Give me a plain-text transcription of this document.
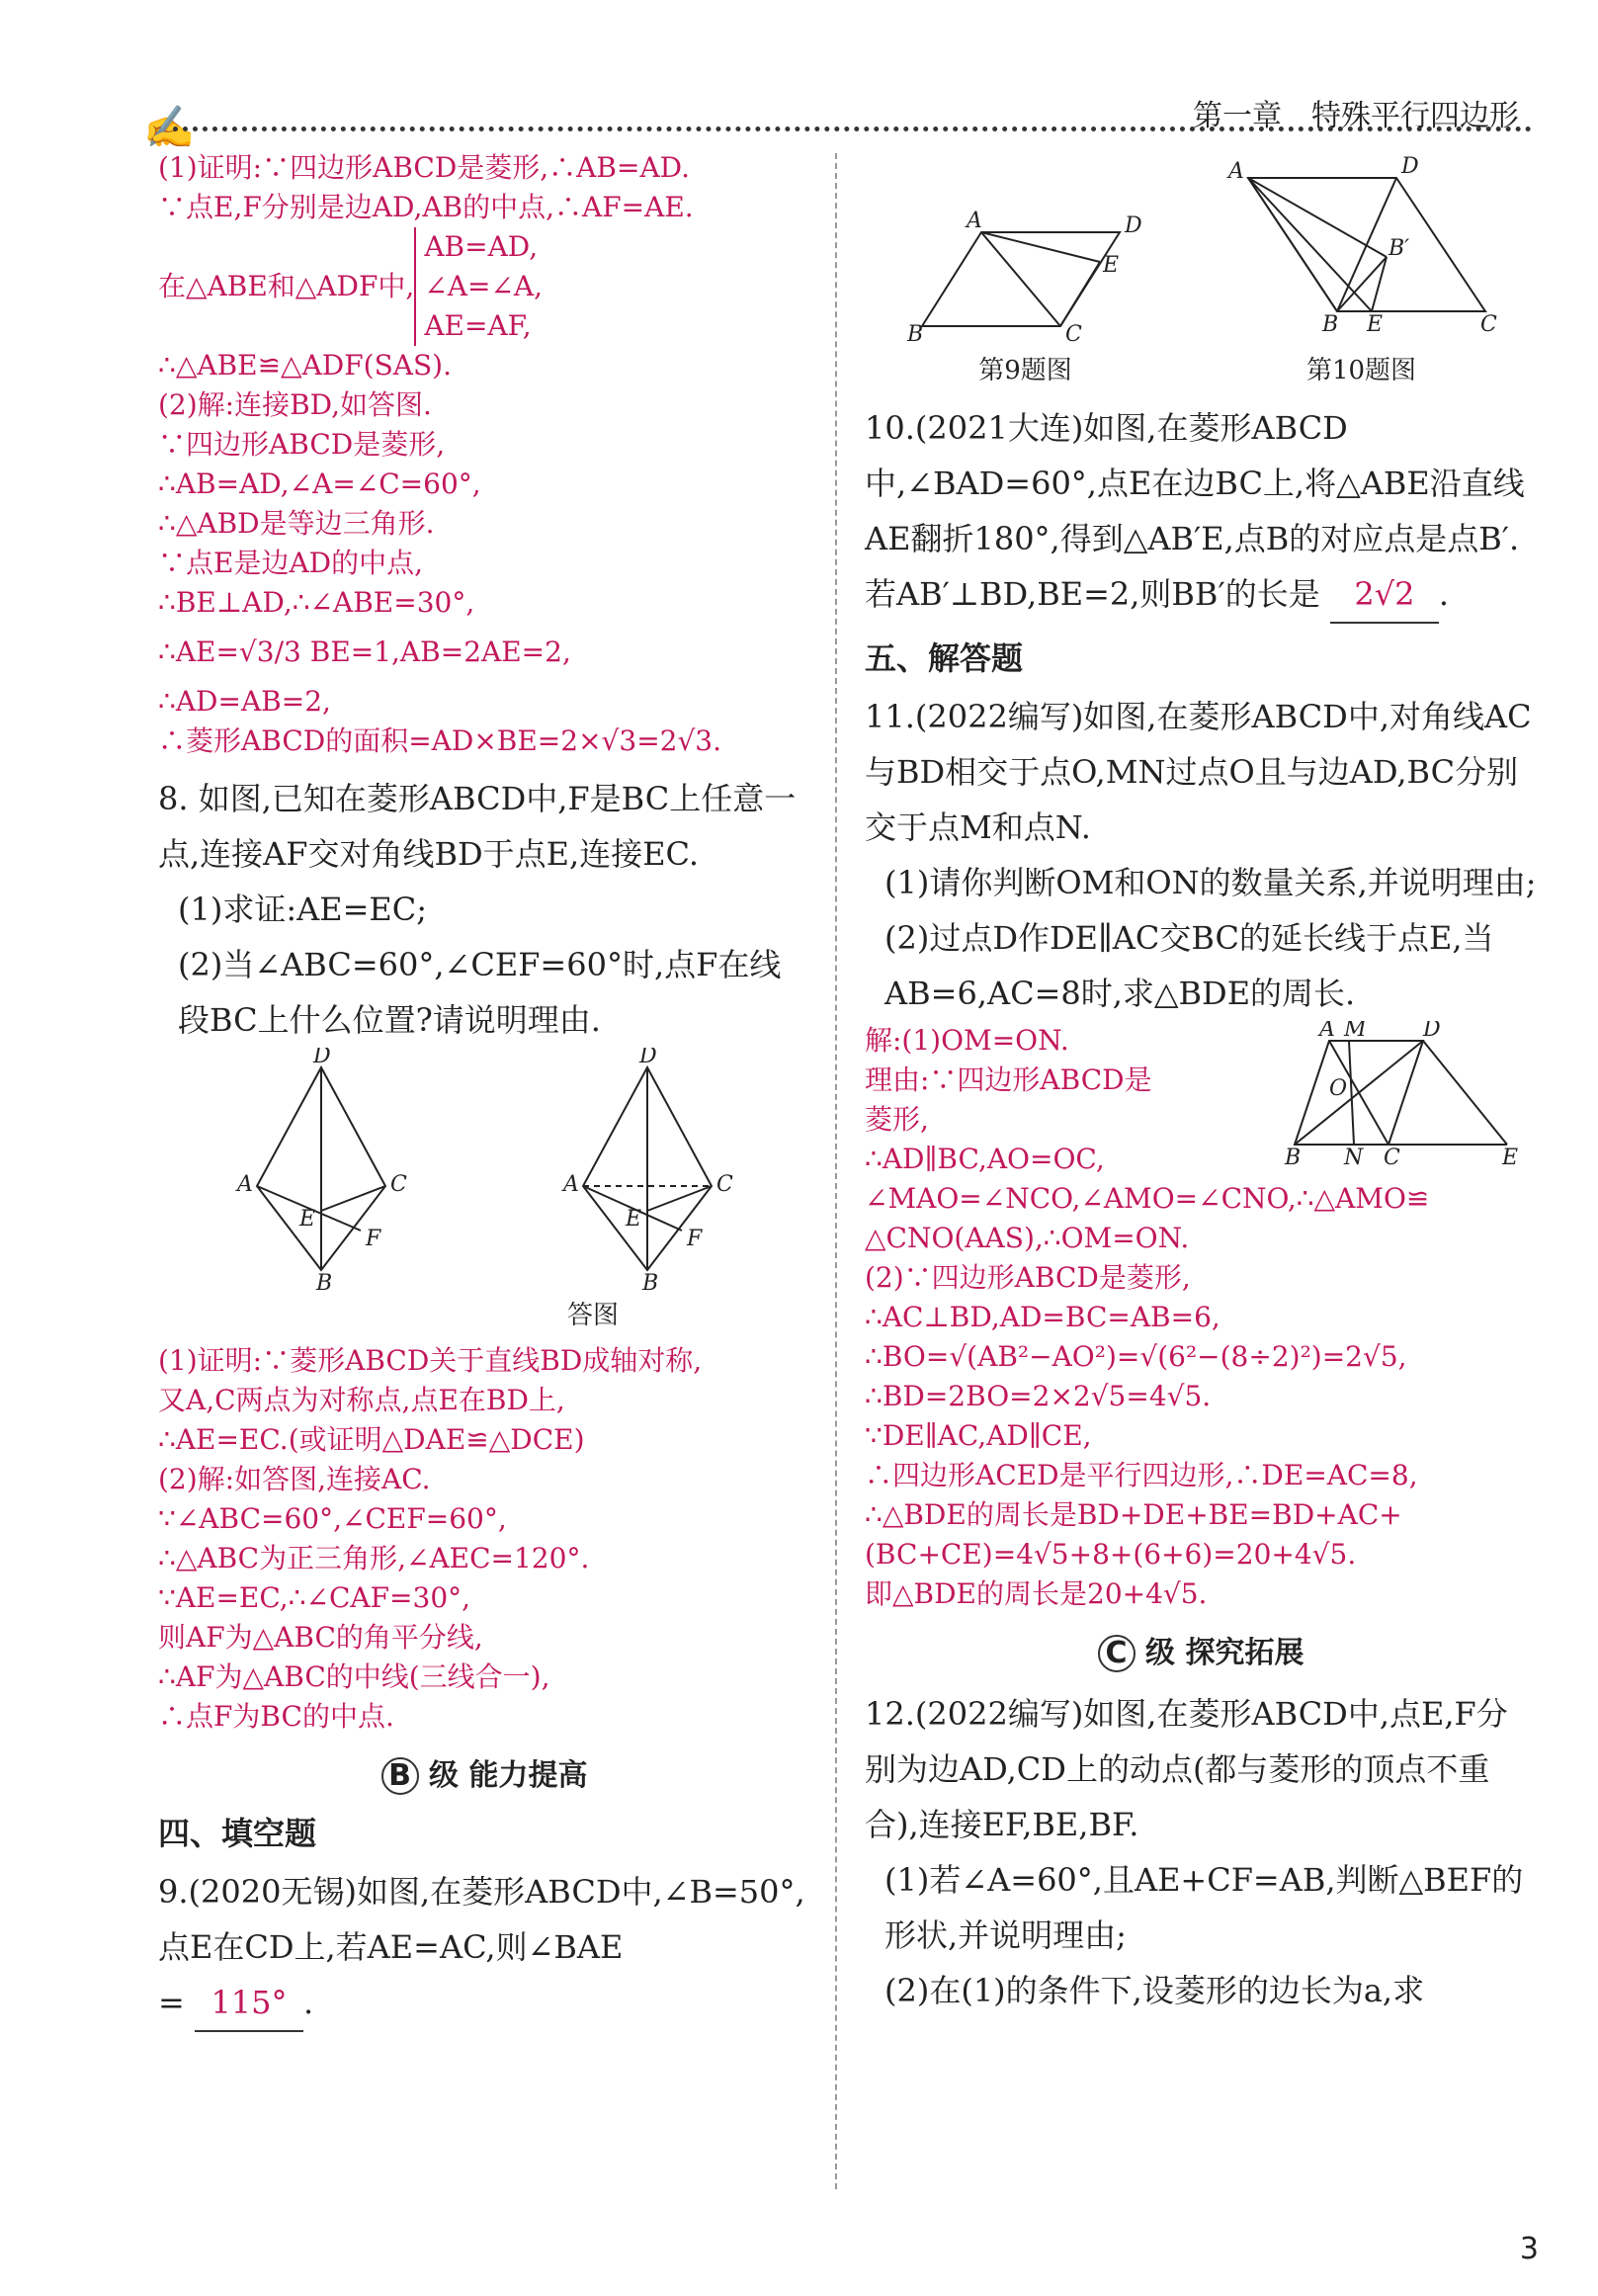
✍	第一章　特殊平行四边形

(1)证明:∵四边形ABCD是菱形,∴AB=AD.

∵点E,F分别是边AD,AB的中点,∴AF=AE.

在△ABE和△ADF中,
AB=AD,
∠A=∠A,
AE=AF,

∴△ABE≌△ADF(SAS).

(2)解:连接BD,如答图.

∵四边形ABCD是菱形,

∴AB=AD,∠A=∠C=60°,

∴△ABD是等边三角形.

∵点E是边AD的中点,

∴BE⊥AD,∴∠ABE=30°,

∴AE=√3/3 BE=1,AB=2AE=2,

∴AD=AB=2,

∴菱形ABCD的面积=AD×BE=2×√3=2√3.

8. 如图,已知在菱形ABCD中,F是BC上任意一点,连接AF交对角线BD于点E,连接EC.

(1)求证:AE=EC;

(2)当∠ABC=60°,∠CEF=60°时,点F在线段BC上什么位置?请说明理由.

D
A	C
B
E
F
D
A	C
B
E
F
答图

(1)证明:∵菱形ABCD关于直线BD成轴对称,

又A,C两点为对称点,点E在BD上,

∴AE=EC.(或证明△DAE≌△DCE)

(2)解:如答图,连接AC.

∵∠ABC=60°,∠CEF=60°,

∴△ABC为正三角形,∠AEC=120°.

∵AE=EC,∴∠CAF=30°,

则AF为△ABC的角平分线,

∴AF为△ABC的中线(三线合一),

∴点F为BC的中点.

B 级 能力提高
四、填空题

9.(2020无锡)如图,在菱形ABCD中,∠B=50°,点E在CD上,若AE=AC,则∠BAE
= 115° .

A
B	C
D
E
第9题图
A	D
B E	C
B′
第10题图

10.(2021大连)如图,在菱形ABCD中,∠BAD=60°,点E在边BC上,将△ABE沿直线AE翻折180°,得到△AB′E,点B的对应点是点B′.若AB′⊥BD,BE=2,则BB′的长是 2√2 .

五、解答题

11.(2022编写)如图,在菱形ABCD中,对角线AC与BD相交于点O,MN过点O且与边AD,BC分别交于点M和点N.

(1)请你判断OM和ON的数量关系,并说明理由;

(2)过点D作DE∥AC交BC的延长线于点E,当AB=6,AC=8时,求△BDE的周长.

A M	D
O
B N C	E

解:(1)OM=ON.

理由:∵四边形ABCD是

菱形,

∴AD∥BC,AO=OC,

∠MAO=∠NCO,∠AMO=∠CNO,∴△AMO≌

△CNO(AAS),∴OM=ON.

(2)∵四边形ABCD是菱形,

∴AC⊥BD,AD=BC=AB=6,

∴BO=√(AB²−AO²)=√(6²−(8÷2)²)=2√5,

∴BD=2BO=2×2√5=4√5.

∵DE∥AC,AD∥CE,

∴四边形ACED是平行四边形,∴DE=AC=8,

∴△BDE的周长是BD+DE+BE=BD+AC+

(BC+CE)=4√5+8+(6+6)=20+4√5.

即△BDE的周长是20+4√5.

C 级 探究拓展

12.(2022编写)如图,在菱形ABCD中,点E,F分别为边AD,CD上的动点(都与菱形的顶点不重合),连接EF,BE,BF.

(1)若∠A=60°,且AE+CF=AB,判断△BEF的形状,并说明理由;

(2)在(1)的条件下,设菱形的边长为a,求

3
